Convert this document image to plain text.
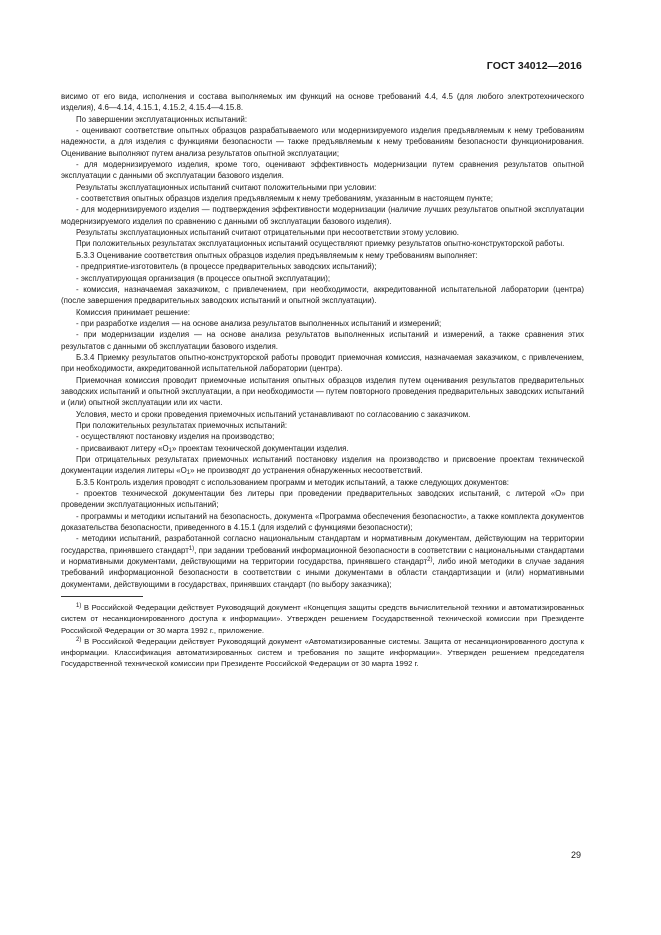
ГОСТ 34012—2016

висимо от его вида, исполнения и состава выполняемых им функций на основе требований 4.4, 4.5 (для любого электротехнического изделия), 4.6—4.14, 4.15.1, 4.15.2, 4.15.4—4.15.8.

По завершении эксплуатационных испытаний:

- оценивают соответствие опытных образцов разрабатываемого или модернизируемого изделия предъявляемым к нему требованиям надежности, а для изделия с функциями безопасности — также предъявляемым к нему требованиям безопасности функционирования. Оценивание выполняют путем анализа результатов опытной эксплуатации;

- для модернизируемого изделия, кроме того, оценивают эффективность модернизации путем сравнения результатов опытной эксплуатации с данными об эксплуатации базового изделия.

Результаты эксплуатационных испытаний считают положительными при условии:

- соответствия опытных образцов изделия предъявляемым к нему требованиям, указанным в настоящем пункте;

- для модернизируемого изделия — подтверждения эффективности модернизации (наличие лучших результатов опытной эксплуатации модернизируемого изделия по сравнению с данными об эксплуатации базового изделия).

Результаты эксплуатационных испытаний считают отрицательными при несоответствии этому условию.

При положительных результатах эксплуатационных испытаний осуществляют приемку результатов опытно-конструкторской работы.

Б.3.3 Оценивание соответствия опытных образцов изделия предъявляемым к нему требованиям выполняет:

- предприятие-изготовитель (в процессе предварительных заводских испытаний);

- эксплуатирующая организация (в процессе опытной эксплуатации);

- комиссия, назначаемая заказчиком, с привлечением, при необходимости, аккредитованной испытательной лаборатории (центра) (после завершения предварительных заводских испытаний и опытной эксплуатации).

Комиссия принимает решение:

- при разработке изделия — на основе анализа результатов выполненных испытаний и измерений;

- при модернизации изделия — на основе анализа результатов выполненных испытаний и измерений, а также сравнения этих результатов с данными об эксплуатации базового изделия.

Б.3.4 Приемку результатов опытно-конструкторской работы проводит приемочная комиссия, назначаемая заказчиком, с привлечением, при необходимости, аккредитованной испытательной лаборатории (центра).

Приемочная комиссия проводит приемочные испытания опытных образцов изделия путем оценивания результатов предварительных заводских испытаний и опытной эксплуатации, а при необходимости — путем повторного проведения предварительных заводских испытаний и (или) опытной эксплуатации или их части.

Условия, место и сроки проведения приемочных испытаний устанавливают по согласованию с заказчиком.

При положительных результатах приемочных испытаний:

- осуществляют постановку изделия на производство;

- присваивают литеру «$О_1$» проектам технической документации изделия.

При отрицательных результатах приемочных испытаний постановку изделия на производство и присвоение проектам технической документации изделия литеры «$О_1$» не производят до устранения обнаруженных несоответствий.

Б.3.5 Контроль изделия проводят с использованием программ и методик испытаний, а также следующих документов:

- проектов технической документации без литеры при проведении предварительных заводских испытаний, с литерой «О» при проведении эксплуатационных испытаний;

- программы и методики испытаний на безопасность, документа «Программа обеспечения безопасности», а также комплекта документов доказательства безопасности, приведенного в 4.15.1 (для изделий с функциями безопасности);

- методики испытаний, разработанной согласно национальным стандартам и нормативным документам, действующим на территории государства, принявшего стандарт$^{1)}$, при задании требований информационной безопасности в соответствии с национальными стандартами и нормативными документами, действующими на территории государства, принявшего стандарт$^{2)}$, либо иной методики в случае задания требований информационной безопасности в соответствии с иными документами в области стандартизации и (или) нормативными документами, действующими в государствах, принявших стандарт (по выбору заказчика);

$^{1)}$ В Российской Федерации действует Руководящий документ «Концепция защиты средств вычислительной техники и автоматизированных систем от несанкционированного доступа к информации». Утвержден решением Государственной технической комиссии при Президенте Российской Федерации от 30 марта 1992 г., приложение.

$^{2)}$ В Российской Федерации действует Руководящий документ «Автоматизированные системы. Защита от несанкционированного доступа к информации. Классификация автоматизированных систем и требования по защите информации». Утвержден решением председателя Государственной технической комиссии при Президенте Российской Федерации от 30 марта 1992 г.

29
